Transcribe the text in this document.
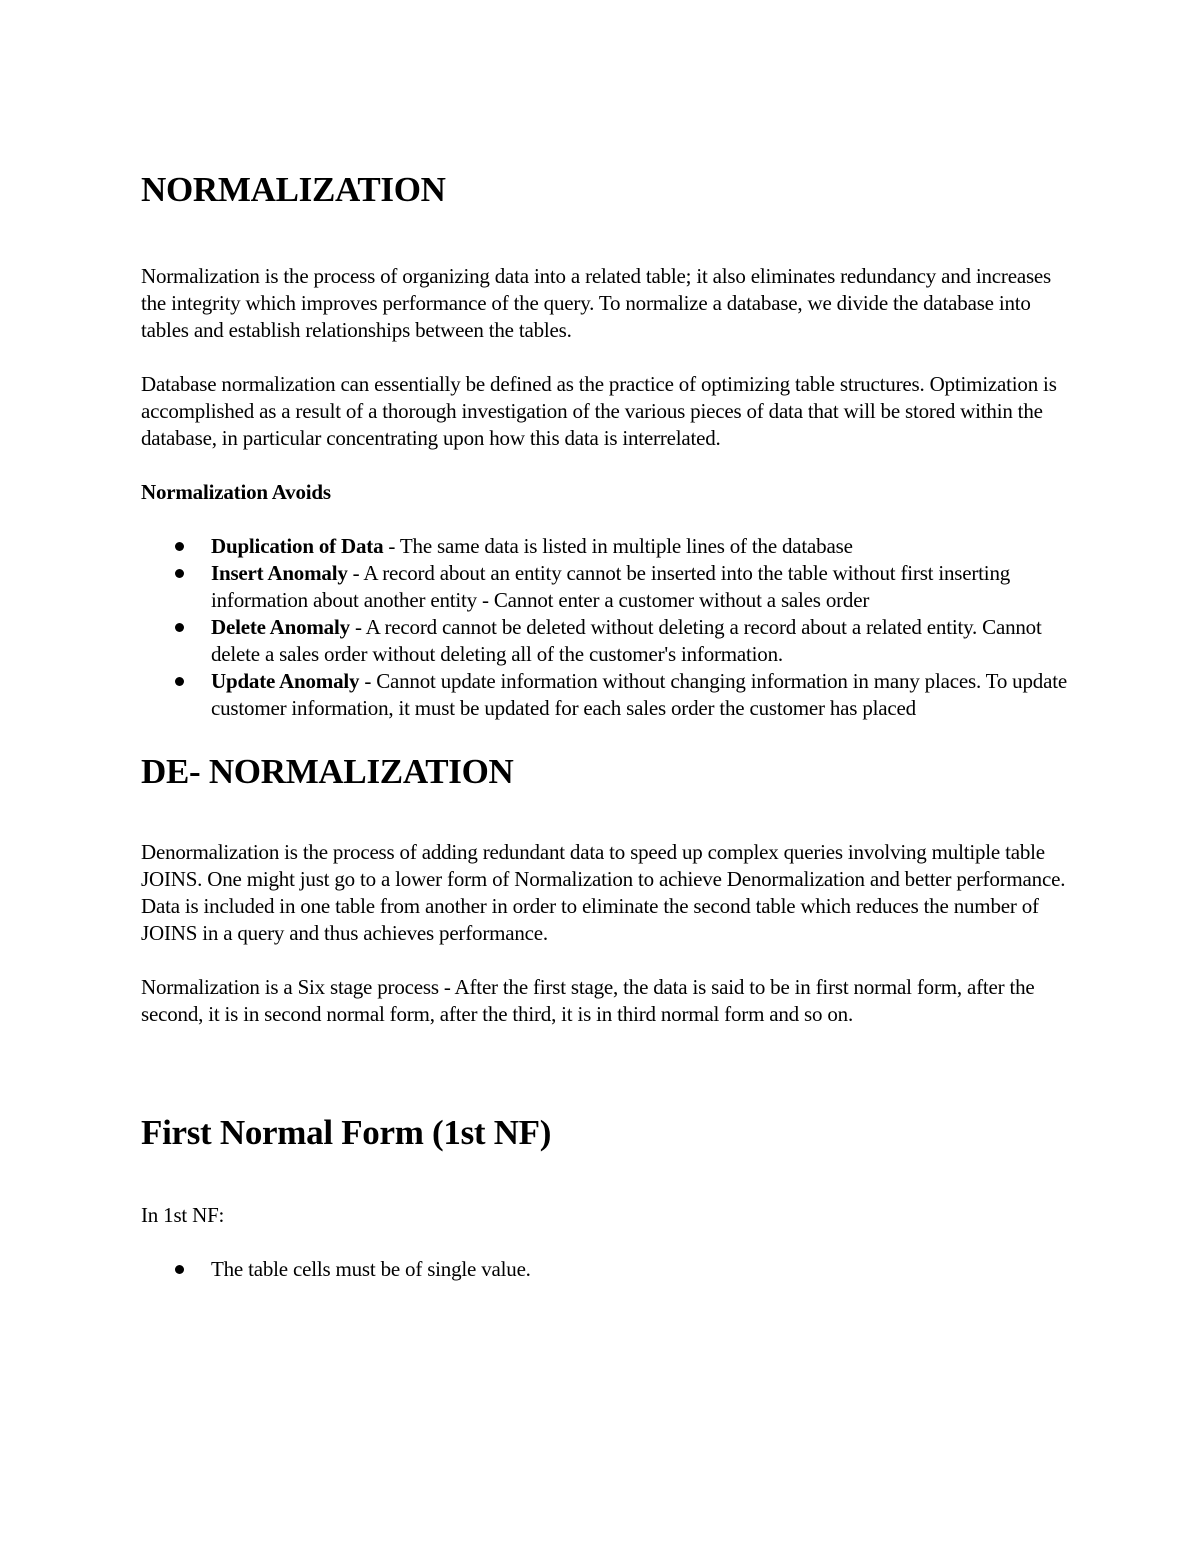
NORMALIZATION

Normalization is the process of organizing data into a related table; it also eliminates redundancy and increases the integrity which improves performance of the query. To normalize a database, we divide the database into tables and establish relationships between the tables.

Database normalization can essentially be defined as the practice of optimizing table structures. Optimization is accomplished as a result of a thorough investigation of the various pieces of data that will be stored within the database, in particular concentrating upon how this data is interrelated.

Normalization Avoids

Duplication of Data - The same data is listed in multiple lines of the database
Insert Anomaly - A record about an entity cannot be inserted into the table without first inserting information about another entity - Cannot enter a customer without a sales order
Delete Anomaly - A record cannot be deleted without deleting a record about a related entity. Cannot delete a sales order without deleting all of the customer's information.
Update Anomaly - Cannot update information without changing information in many places. To update customer information, it must be updated for each sales order the customer has placed
DE- NORMALIZATION

Denormalization is the process of adding redundant data to speed up complex queries involving multiple table JOINS. One might just go to a lower form of Normalization to achieve Denormalization and better performance. Data is included in one table from another in order to eliminate the second table which reduces the number of JOINS in a query and thus achieves performance.

Normalization is a Six stage process - After the first stage, the data is said to be in first normal form, after the second, it is in second normal form, after the third, it is in third normal form and so on.

First Normal Form (1st NF)

In 1st NF:

The table cells must be of single value.
